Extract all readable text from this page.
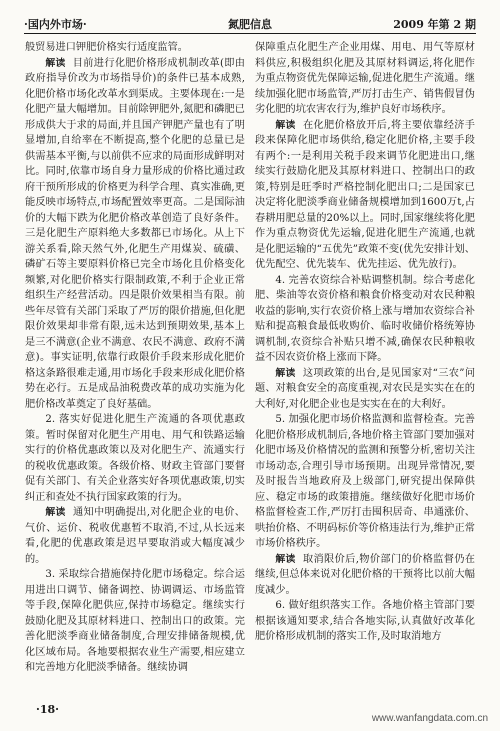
·国内外市场·	氮肥信息	2009 年第 2 期

般贸易进口钾肥价格实行适度监管。

解读 目前进行化肥价格形成机制改革(即由政府指导价改为市场指导价)的条件已基本成熟,化肥价格市场化改革水到渠成。主要体现在:一是化肥产量大幅增加。目前除钾肥外,氮肥和磷肥已形成供大于求的局面,并且国产钾肥产量也有了明显增加,自给率在不断提高,整个化肥的总量已是供需基本平衡,与以前供不应求的局面形成鲜明对比。同时,依靠市场自身力量形成的价格比通过政府干预所形成的价格更为科学合理、真实准确,更能反映市场特点,市场配置效率更高。二是国际油价的大幅下跌为化肥价格改革创造了良好条件。三是化肥生产原料绝大多数都已市场化。从上下游关系看,除天然气外,化肥生产用煤炭、硫磺、磷矿石等主要原料价格已完全市场化且价格变化频繁,对化肥价格实行限制政策,不利于企业正常组织生产经营活动。四是限价效果相当有限。前些年尽管有关部门采取了严厉的限价措施,但化肥限价效果却非常有限,远未达到预期效果,基本上是三不满意(企业不满意、农民不满意、政府不满意)。事实证明,依靠行政限价手段来形成化肥价格这条路很难走通,用市场化手段来形成化肥价格势在必行。五是成品油税费改革的成功实施为化肥价格改革奠定了良好基础。

2. 落实好促进化肥生产流通的各项优惠政策。暂时保留对化肥生产用电、用气和铁路运输实行的价格优惠政策以及对化肥生产、流通实行的税收优惠政策。各级价格、财政主管部门要督促有关部门、有关企业落实好各项优惠政策,切实纠正和查处不执行国家政策的行为。

解读 通知中明确提出,对化肥企业的电价、气价、运价、税收优惠暂不取消,不过,从长远来看,化肥的优惠政策是迟早要取消或大幅度减少的。

3. 采取综合措施保持化肥市场稳定。综合运用进出口调节、储备调控、协调调运、市场监管等手段,保障化肥供应,保持市场稳定。继续实行鼓励化肥及其原材料进口、控制出口的政策。完善化肥淡季商业储备制度,合理安排储备规模,优化区域布局。各地要根据农业生产需要,相应建立和完善地方化肥淡季储备。继续协调

保障重点化肥生产企业用煤、用电、用气等原材料供应,积极组织化肥及其原材料调运,将化肥作为重点物资优先保障运输,促进化肥生产流通。继续加强化肥市场监管,严厉打击生产、销售假冒伪劣化肥的坑农害农行为,维护良好市场秩序。

解读 在化肥价格放开后,将主要依靠经济手段来保障化肥市场供给,稳定化肥价格,主要手段有两个:一是利用关税手段来调节化肥进出口,继续实行鼓励化肥及其原材料进口、控制出口的政策,特别是旺季时严格控制化肥出口;二是国家已决定将化肥淡季商业储备规模增加到1600万t,占春耕用肥总量的20%以上。同时,国家继续将化肥作为重点物资优先运输,促进化肥生产流通,也就是化肥运输的“五优先”政策不变(优先安排计划、优先配空、优先装车、优先挂运、优先放行)。

4. 完善农资综合补贴调整机制。综合考虑化肥、柴油等农资价格和粮食价格变动对农民种粮收益的影响,实行农资价格上涨与增加农资综合补贴和提高粮食最低收购价、临时收储价格统筹协调机制,农资综合补贴只增不减,确保农民种粮收益不因农资价格上涨而下降。

解读 这项政策的出台,是见国家对“三农”问题、对粮食安全的高度重视,对农民是实实在在的大利好,对化肥企业也是实实在在的大利好。

5. 加强化肥市场价格监测和监督检查。完善化肥价格形成机制后,各地价格主管部门要加强对化肥市场及价格情况的监测和预警分析,密切关注市场动态,合理引导市场预期。出现异常情况,要及时报告当地政府及上级部门,研究提出保障供应、稳定市场的政策措施。继续做好化肥市场价格监督检查工作,严厉打击囤积居奇、串通涨价、哄抬价格、不明码标价等价格违法行为,维护正常市场价格秩序。

解读 取消限价后,物价部门的价格监督仍在继续,但总体来说对化肥价格的干预将比以前大幅度减少。

6. 做好组织落实工作。各地价格主管部门要根据该通知要求,结合各地实际,认真做好改革化肥价格形成机制的落实工作,及时取消地方

·18·
www.wanfangdata.com.cn
